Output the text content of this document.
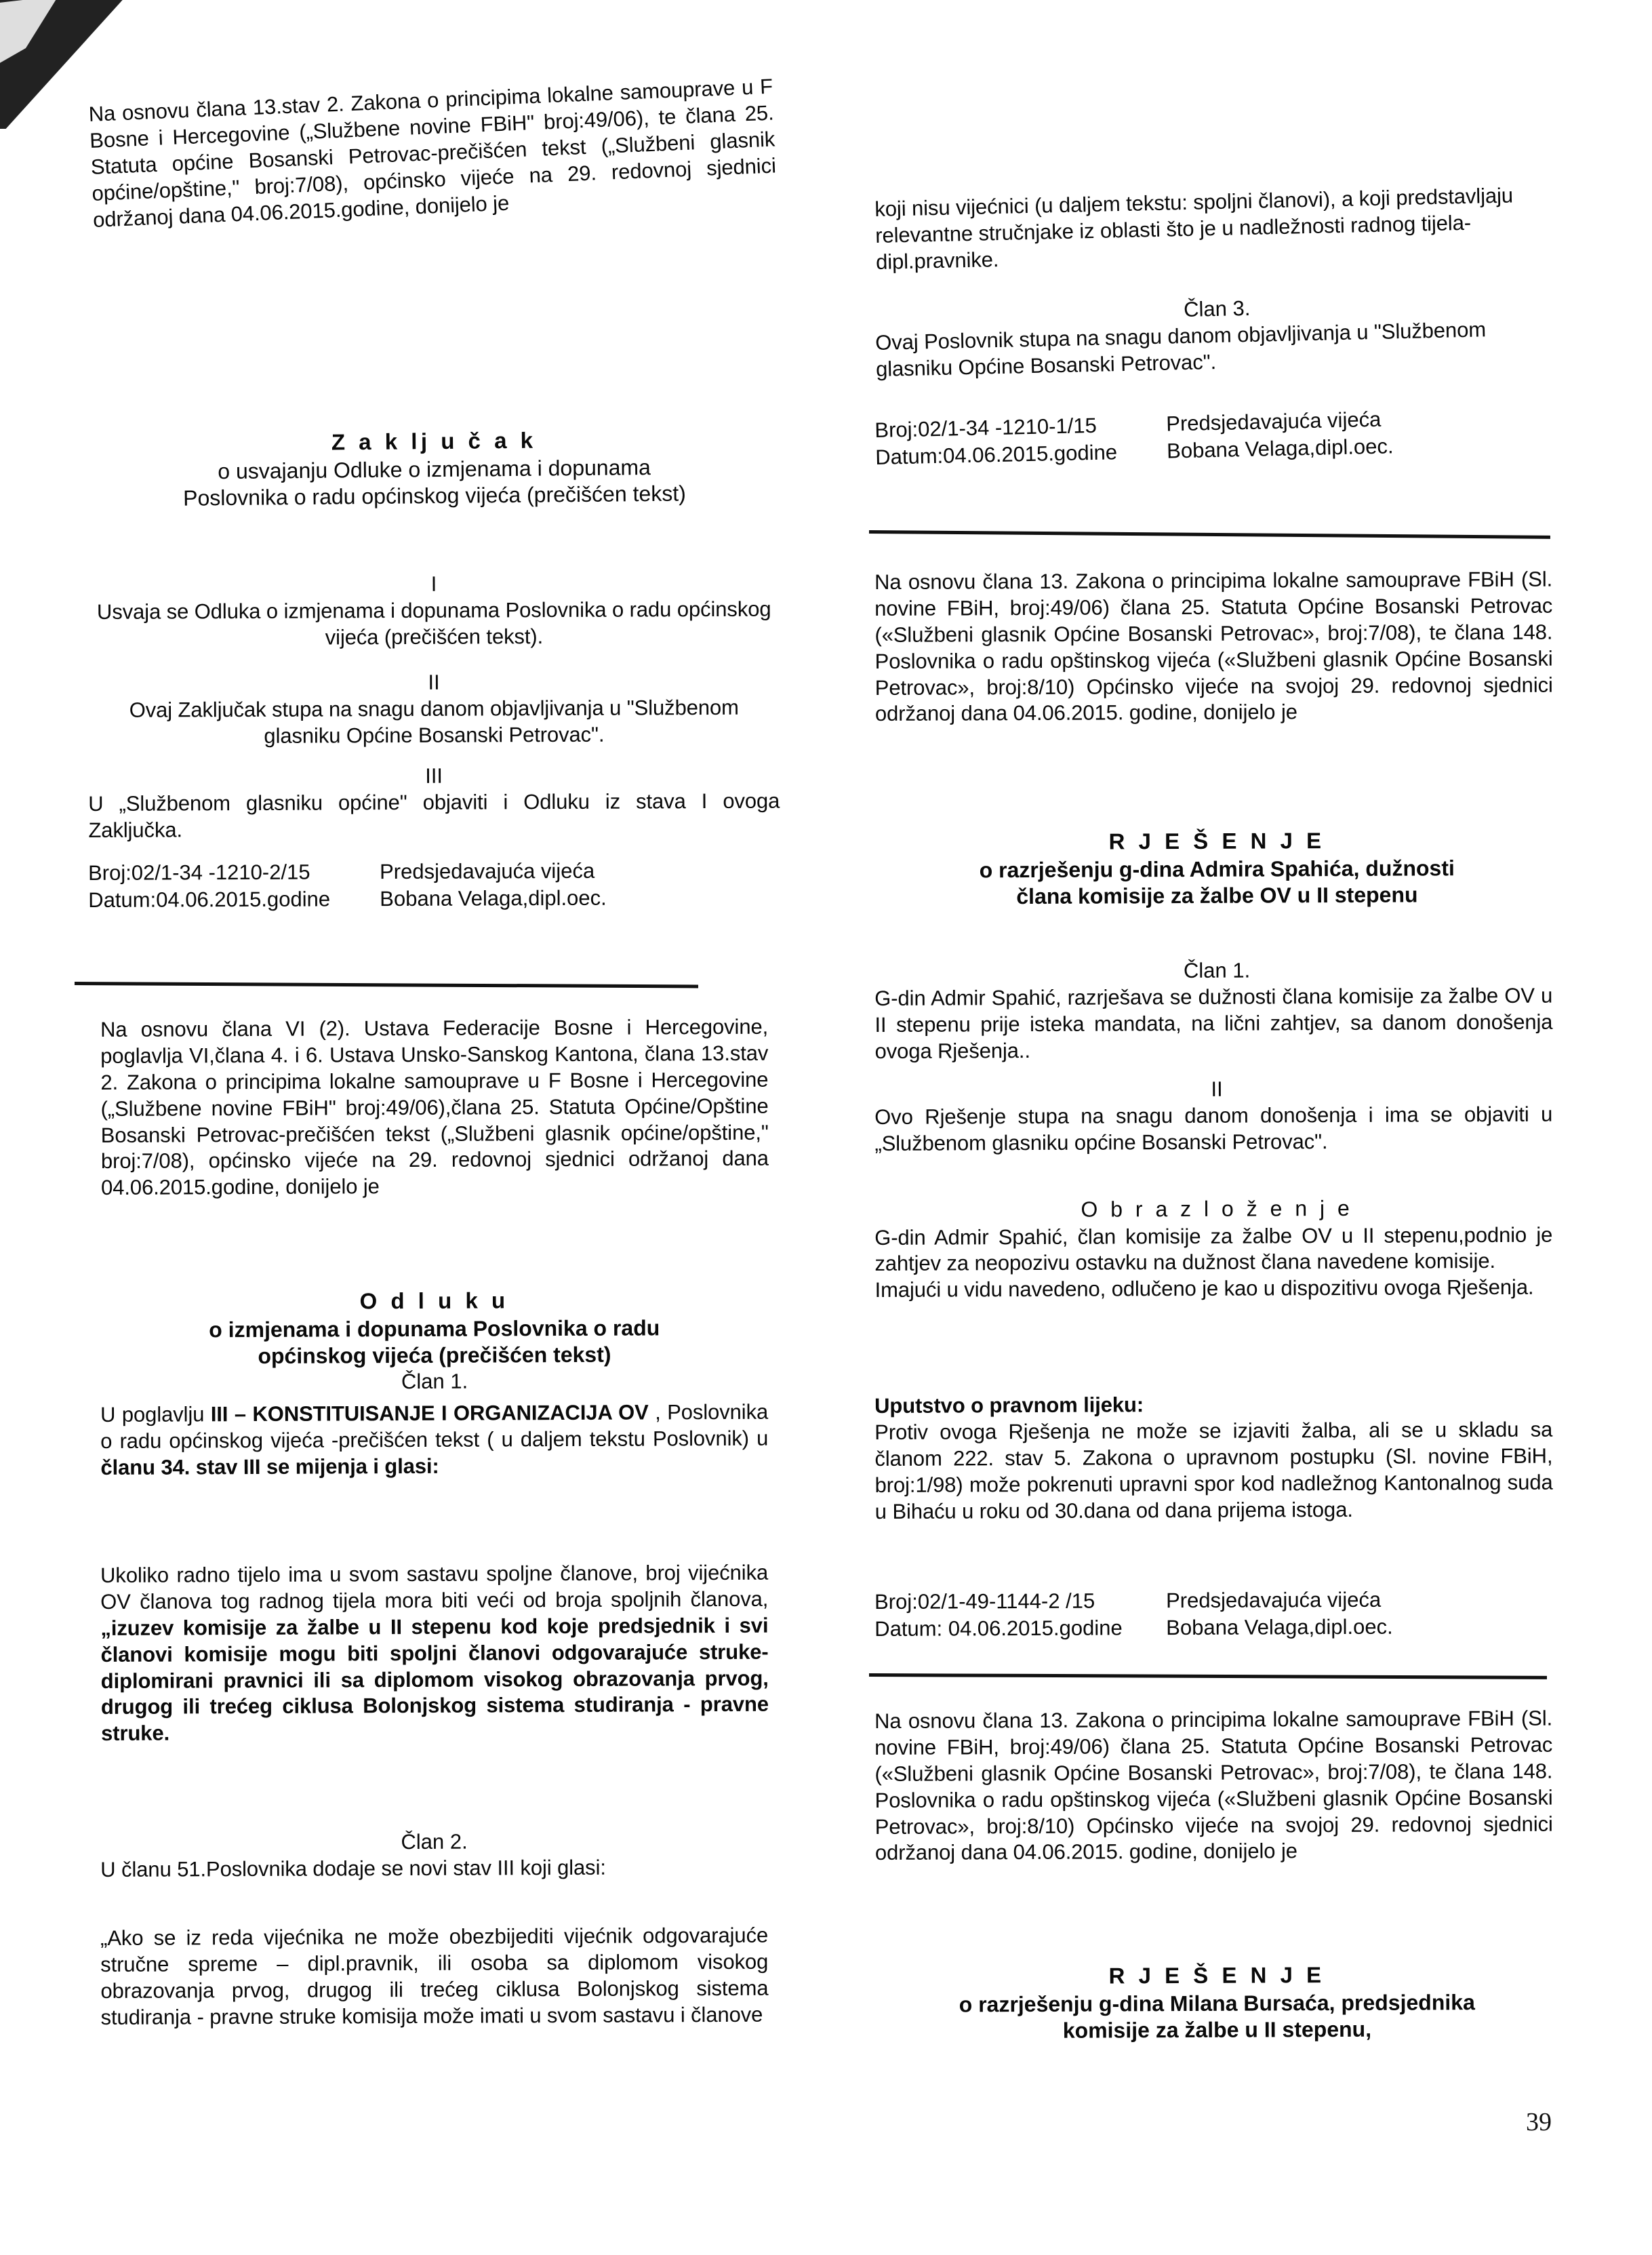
Na osnovu člana 13.stav 2. Zakona o principima lokalne samouprave u F Bosne i Hercegovine („Službene novine FBiH" broj:49/06), te člana 25. Statuta općine Bosanski Petrovac-prečišćen tekst („Službeni glasnik općine/opštine," broj:7/08), općinsko vijeće na 29. redovnoj sjednici održanoj dana 04.06.2015.godine, donijelo je

Z a k lj u č a k

o usvajanju Odluke o izmjenama i dopunama

Poslovnika o radu općinskog vijeća (prečišćen tekst)

I

Usvaja se Odluka o izmjenama i dopunama Poslovnika o radu općinskog vijeća (prečišćen tekst).

II

Ovaj Zaključak stupa na snagu danom objavljivanja u "Službenom glasniku Općine Bosanski Petrovac".

III

U „Službenom glasniku općine" objaviti i Odluku iz stava I ovoga Zaključka.

Broj:02/1-34 -1210-2/15	Predsjedavajuća vijeća
Datum:04.06.2015.godine	Bobana Velaga,dipl.oec.

Na osnovu člana VI (2). Ustava Federacije Bosne i Hercegovine, poglavlja VI,člana 4. i 6. Ustava Unsko-Sanskog Kantona, člana 13.stav 2. Zakona o principima lokalne samouprave u F Bosne i Hercegovine („Službene novine FBiH" broj:49/06),člana 25. Statuta Općine/Opštine Bosanski Petrovac-prečišćen tekst („Službeni glasnik općine/opštine," broj:7/08), općinsko vijeće na 29. redovnoj sjednici održanoj dana 04.06.2015.godine, donijelo je

O d l u k u

o izmjenama i dopunama Poslovnika o radu

općinskog vijeća (prečišćen tekst)

Član 1.

U poglavlju III – KONSTITUISANJE I ORGANIZACIJA OV , Poslovnika o radu općinskog vijeća -prečišćen tekst ( u daljem tekstu Poslovnik) u članu 34. stav III se mijenja i glasi:

Ukoliko radno tijelo ima u svom sastavu spoljne članove, broj vijećnika OV članova tog radnog tijela mora biti veći od broja spoljnih članova, „izuzev komisije za žalbe u II stepenu kod koje predsjednik i svi članovi komisije mogu biti spoljni članovi odgovarajuće struke-diplomirani pravnici ili sa diplomom visokog obrazovanja prvog, drugog ili trećeg ciklusa Bolonjskog sistema studiranja - pravne struke.

Član 2.

U članu 51.Poslovnika dodaje se novi stav III koji glasi:

„Ako se iz reda vijećnika ne može obezbijediti vijećnik odgovarajuće stručne spreme – dipl.pravnik, ili osoba sa diplomom visokog obrazovanja prvog, drugog ili trećeg ciklusa Bolonjskog sistema studiranja - pravne struke komisija može imati u svom sastavu i članove

koji nisu vijećnici (u daljem tekstu: spoljni članovi), a koji predstavljaju relevantne stručnjake iz oblasti što je u nadležnosti radnog tijela- dipl.pravnike.

Član 3.

Ovaj Poslovnik stupa na snagu danom objavljivanja u "Službenom glasniku Općine Bosanski Petrovac".

Broj:02/1-34 -1210-1/15	Predsjedavajuća vijeća
Datum:04.06.2015.godine	Bobana Velaga,dipl.oec.

Na osnovu člana 13. Zakona o principima lokalne samouprave FBiH (Sl. novine FBiH, broj:49/06) člana 25. Statuta Općine Bosanski Petrovac («Službeni glasnik Općine Bosanski Petrovac», broj:7/08), te člana 148. Poslovnika o radu opštinskog vijeća («Službeni glasnik Općine Bosanski Petrovac», broj:8/10) Općinsko vijeće na svojoj 29. redovnoj sjednici održanoj dana 04.06.2015. godine, donijelo je

R J E Š E N J E

o razrješenju g-dina Admira Spahića, dužnosti

člana komisije za žalbe OV u II stepenu

Član 1.

G-din Admir Spahić, razrješava se dužnosti člana komisije za žalbe OV u II stepenu prije isteka mandata, na lični zahtjev, sa danom donošenja ovoga Rješenja..

II

Ovo Rješenje stupa na snagu danom donošenja i ima se objaviti u „Službenom glasniku općine Bosanski Petrovac".

O b r a z l o ž e n j e

G-din Admir Spahić, član komisije za žalbe OV u II stepenu,podnio je zahtjev za neopozivu ostavku na dužnost člana navedene komisije.

Imajući u vidu navedeno, odlučeno je kao u dispozitivu ovoga Rješenja.

Uputstvo o pravnom lijeku:

Protiv ovoga Rješenja ne može se izjaviti žalba, ali se u skladu sa članom 222. stav 5. Zakona o upravnom postupku (Sl. novine FBiH, broj:1/98) može pokrenuti upravni spor kod nadležnog Kantonalnog suda u Bihaću u roku od 30.dana od dana prijema istoga.

Broj:02/1-49-1144-2 /15	Predsjedavajuća vijeća
Datum: 04.06.2015.godine	Bobana Velaga,dipl.oec.

Na osnovu člana 13. Zakona o principima lokalne samouprave FBiH (Sl. novine FBiH, broj:49/06) člana 25. Statuta Općine Bosanski Petrovac («Službeni glasnik Općine Bosanski Petrovac», broj:7/08), te člana 148. Poslovnika o radu opštinskog vijeća («Službeni glasnik Općine Bosanski Petrovac», broj:8/10) Općinsko vijeće na svojoj 29. redovnoj sjednici održanoj dana 04.06.2015. godine, donijelo je

R J E Š E N J E

o razrješenju g-dina Milana Bursaća, predsjednika

komisije za žalbe u II stepenu,

39
